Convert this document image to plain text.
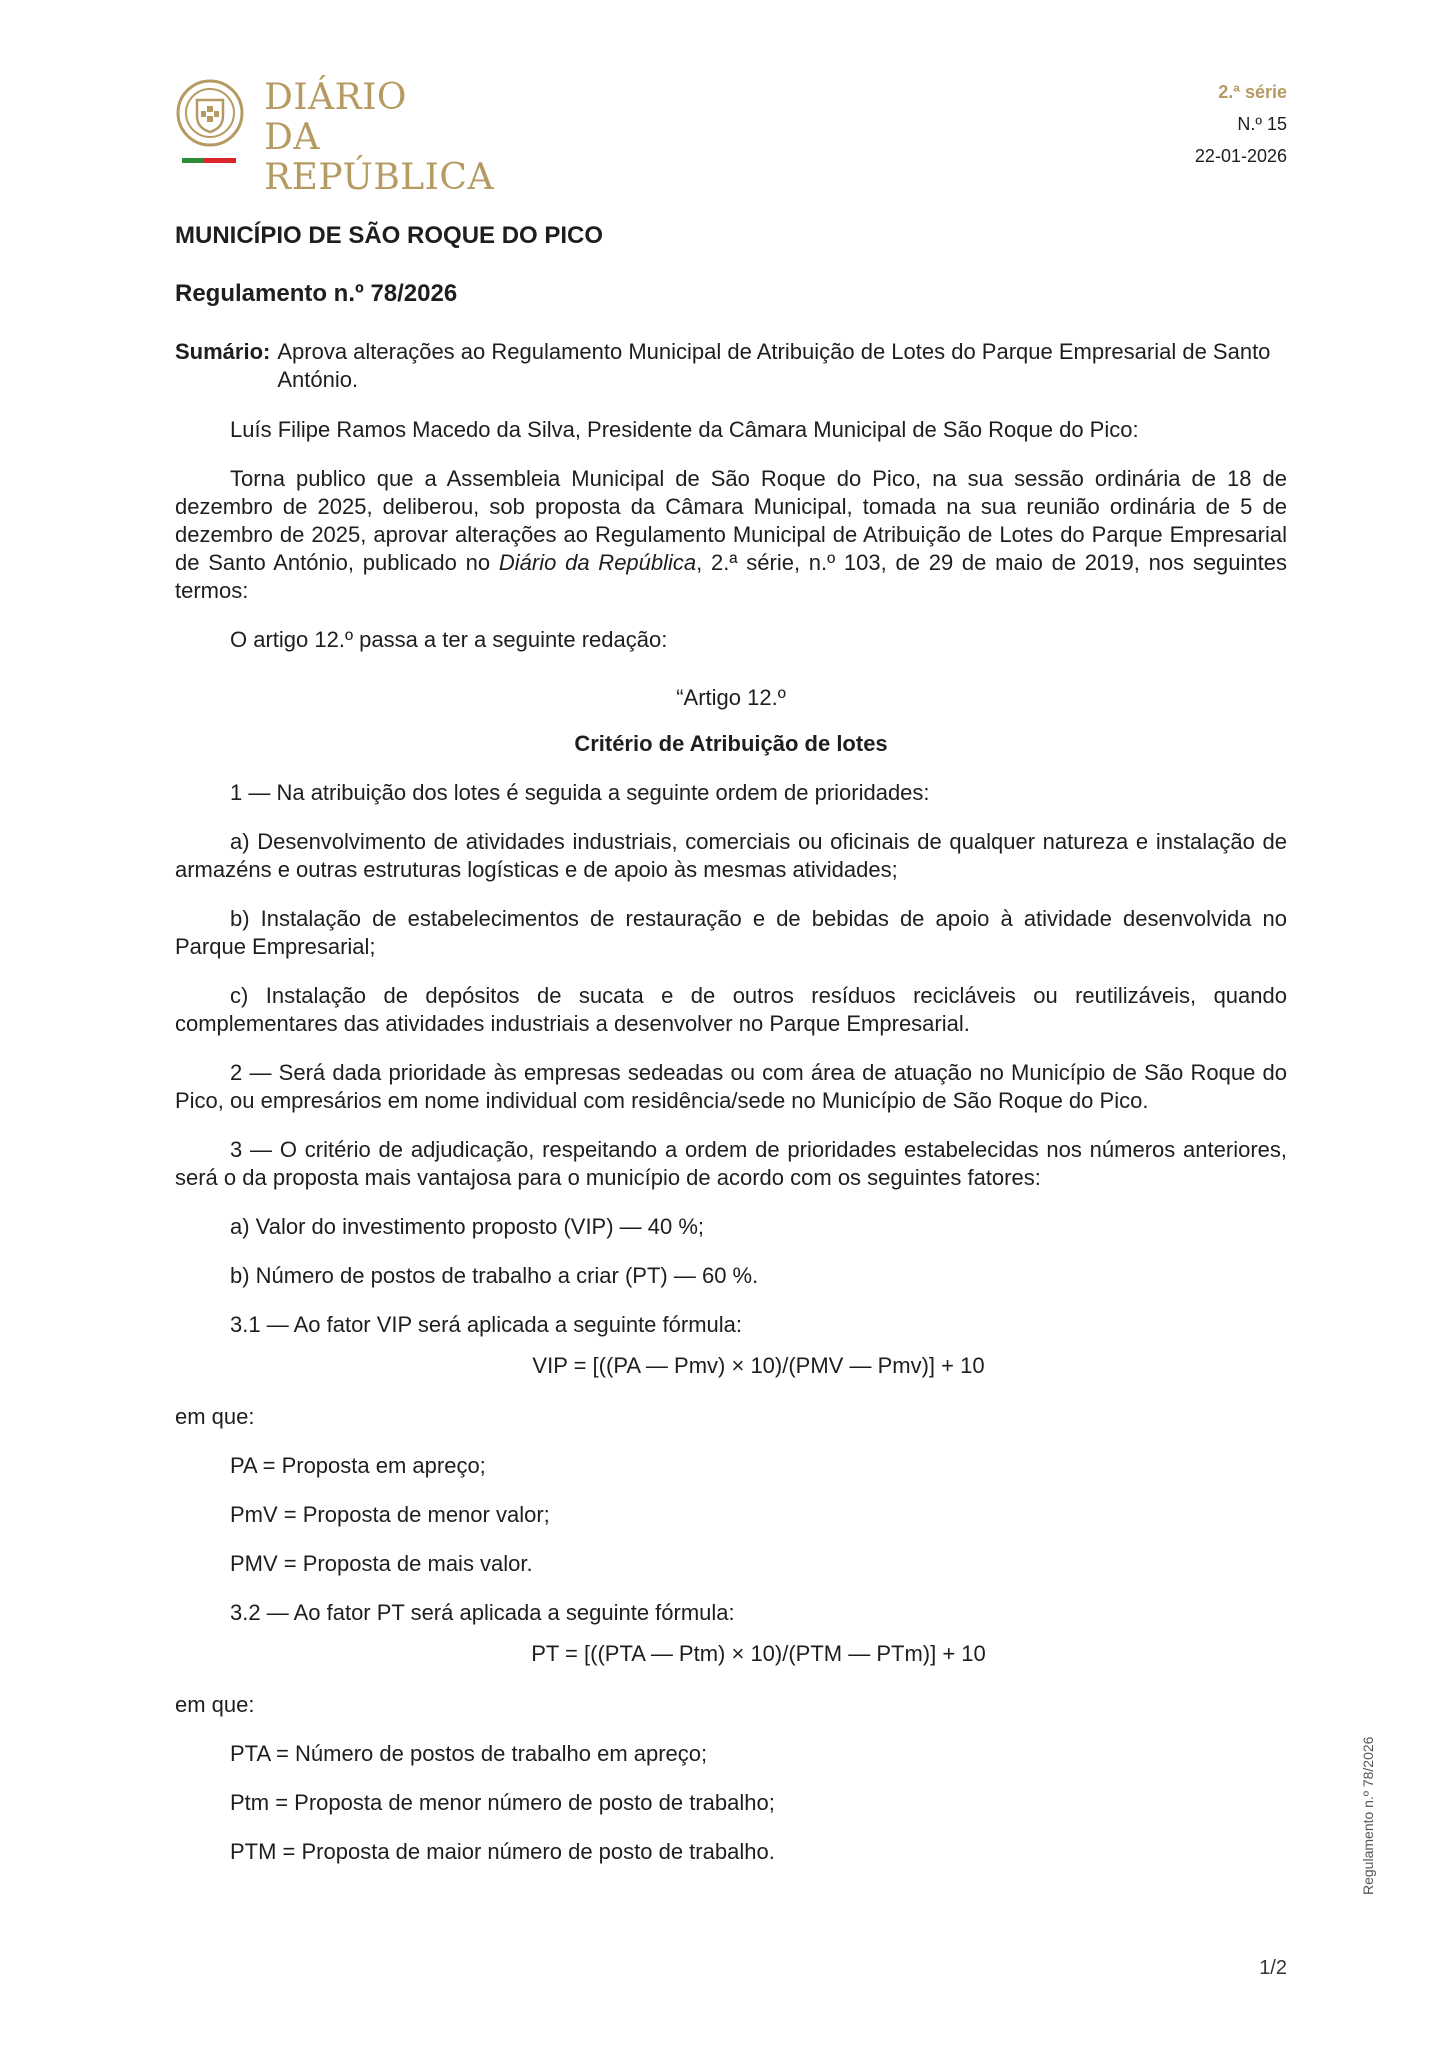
DIÁRIO
DA REPÚBLICA
2.ª série
N.º 15
22-01-2026
MUNICÍPIO DE SÃO ROQUE DO PICO
Regulamento n.º 78/2026
Sumário: Aprova alterações ao Regulamento Municipal de Atribuição de Lotes do Parque Empresarial de Santo António.

Luís Filipe Ramos Macedo da Silva, Presidente da Câmara Municipal de São Roque do Pico:

Torna publico que a Assembleia Municipal de São Roque do Pico, na sua sessão ordinária de 18 de dezembro de 2025, deliberou, sob proposta da Câmara Municipal, tomada na sua reunião ordinária de 5 de dezembro de 2025, aprovar alterações ao Regulamento Municipal de Atribuição de Lotes do Parque Empresarial de Santo António, publicado no Diário da República, 2.ª série, n.º 103, de 29 de maio de 2019, nos seguintes termos:

O artigo 12.º passa a ter a seguinte redação:

“Artigo 12.º

Critério de Atribuição de lotes

1 — Na atribuição dos lotes é seguida a seguinte ordem de prioridades:

a) Desenvolvimento de atividades industriais, comerciais ou oficinais de qualquer natureza e instalação de armazéns e outras estruturas logísticas e de apoio às mesmas atividades;

b) Instalação de estabelecimentos de restauração e de bebidas de apoio à atividade desenvolvida no Parque Empresarial;

c) Instalação de depósitos de sucata e de outros resíduos recicláveis ou reutilizáveis, quando complementares das atividades industriais a desenvolver no Parque Empresarial.

2 — Será dada prioridade às empresas sedeadas ou com área de atuação no Município de São Roque do Pico, ou empresários em nome individual com residência/sede no Município de São Roque do Pico.

3 — O critério de adjudicação, respeitando a ordem de prioridades estabelecidas nos números anteriores, será o da proposta mais vantajosa para o município de acordo com os seguintes fatores:

a) Valor do investimento proposto (VIP) — 40 %;

b) Número de postos de trabalho a criar (PT) — 60 %.

3.1 — Ao fator VIP será aplicada a seguinte fórmula:

VIP = [((PA — Pmv) × 10)/(PMV — Pmv)] + 10

em que:

PA = Proposta em apreço;

PmV = Proposta de menor valor;

PMV = Proposta de mais valor.

3.2 — Ao fator PT será aplicada a seguinte fórmula:

PT = [((PTA — Ptm) × 10)/(PTM — PTm)] + 10

em que:

PTA = Número de postos de trabalho em apreço;

Ptm = Proposta de menor número de posto de trabalho;

PTM = Proposta de maior número de posto de trabalho.	Regulamento n.º 78/2026
1/2
